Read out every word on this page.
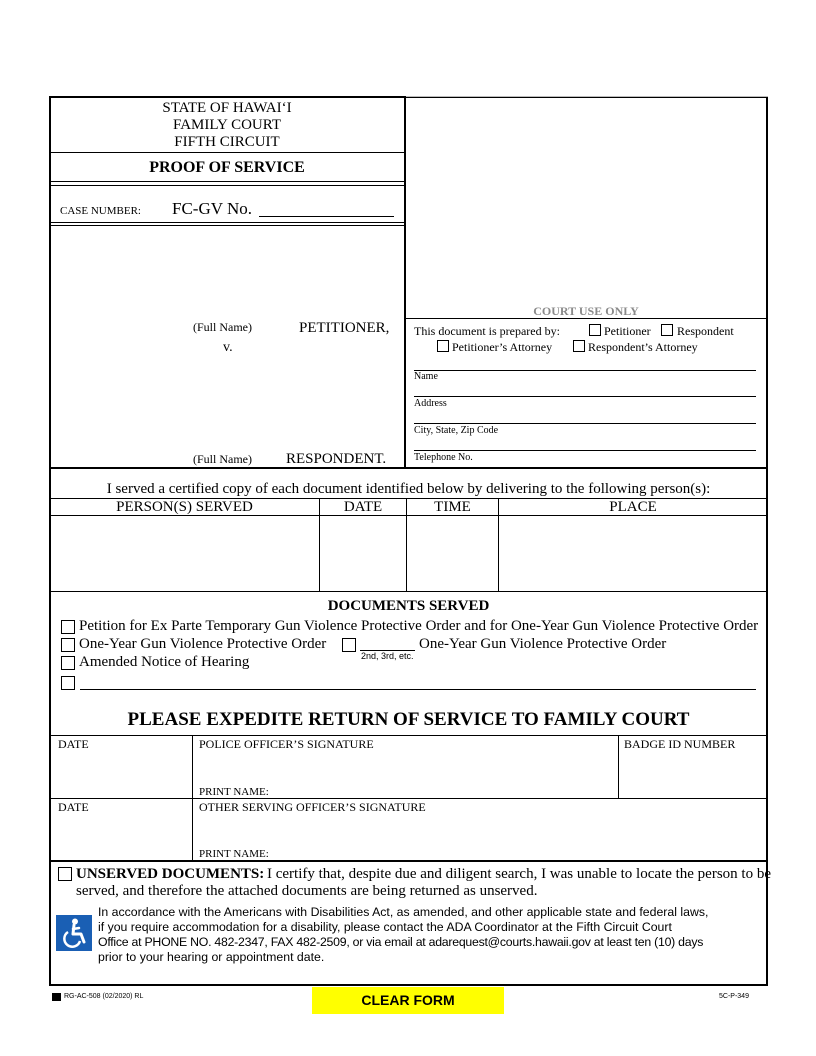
STATE OF HAWAI‘I
FAMILY COURT
FIFTH CIRCUIT
PROOF OF SERVICE
CASE NUMBER: FC-GV No.
(Full Name)	PETITIONER,
v.
(Full Name) RESPONDENT.
COURT USE ONLY
This document is prepared by:	Petitioner Respondent
Petitioner’s Attorney	Respondent’s Attorney
Name
Address
City, State, Zip Code
Telephone No.
I served a certified copy of each document identified below by delivering to the following person(s):
PERSON(S) SERVED	DATE	TIME	PLACE
DOCUMENTS SERVED
Petition for Ex Parte Temporary Gun Violence Protective Order and for One-Year Gun Violence Protective Order
One-Year Gun Violence Protective Order	One-Year Gun Violence Protective Order
2nd, 3rd, etc.
Amended Notice of Hearing
PLEASE EXPEDITE RETURN OF SERVICE TO FAMILY COURT
DATE	POLICE OFFICER’S SIGNATURE	BADGE ID NUMBER
PRINT NAME:
DATE	OTHER SERVING OFFICER’S SIGNATURE
PRINT NAME:
UNSERVED DOCUMENTS: I certify that, despite due and diligent search, I was unable to locate the person to be
served, and therefore the attached documents are being returned as unserved.
In accordance with the Americans with Disabilities Act, as amended, and other applicable state and federal laws,
if you require accommodation for a disability, please contact the ADA Coordinator at the Fifth Circuit Court
Office at PHONE NO. 482-2347, FAX 482-2509, or via email at adarequest@courts.hawaii.gov at least ten (10) days
prior to your hearing or appointment date.
RG-AC-508 (02/2020) RL	CLEAR FORM	5C-P-349
